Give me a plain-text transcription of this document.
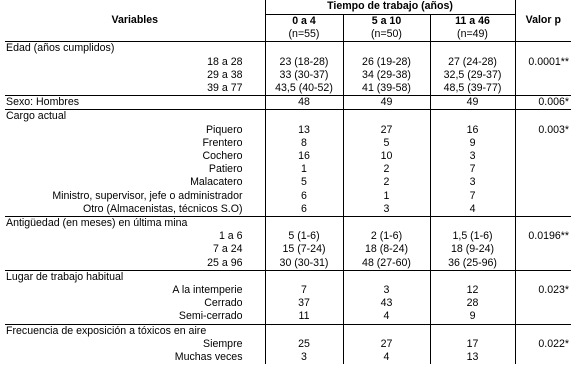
Variables	Tiempo de trabajo (años)			Valor p
	0 a 4	5 a 10	11 a 46	
	(n=55)	(n=50)	(n=49)	
Edad (años cumplidos)				
18 a 28	23 (18-28)	26 (19-28)	27 (24-28)	0.0001**
29 a 38	33 (30-37)	34 (29-38)	32,5 (29-37)	
39 a 77	43,5 (40-52)	41 (39-58)	48,5 (39-77)	
Sexo: Hombres	48	49	49	0.006*
Cargo actual				
Piquero	13	27	16	0.003*
Frentero	8	5	9	
Cochero	16	10	3	
Patiero	1	2	7	
Malacatero	5	2	3	
Ministro, supervisor, jefe o administrador	6	1	7	
Otro (Almacenistas, técnicos S.O)	6	3	4	
Antigüedad (en meses) en última mina				
1 a 6	5 (1-6)	2 (1-6)	1,5 (1-6)	0.0196**
7 a 24	15 (7-24)	18 (8-24)	18 (9-24)	
25 a 96	30 (30-31)	48 (27-60)	36 (25-96)	
Lugar de trabajo habitual				
A la intemperie	7	3	12	0.023*
Cerrado	37	43	28	
Semi-cerrado	11	4	9	
Frecuencia de exposición a tóxicos en aire				
Siempre	25	27	17	0.022*
Muchas veces	3	4	13	
